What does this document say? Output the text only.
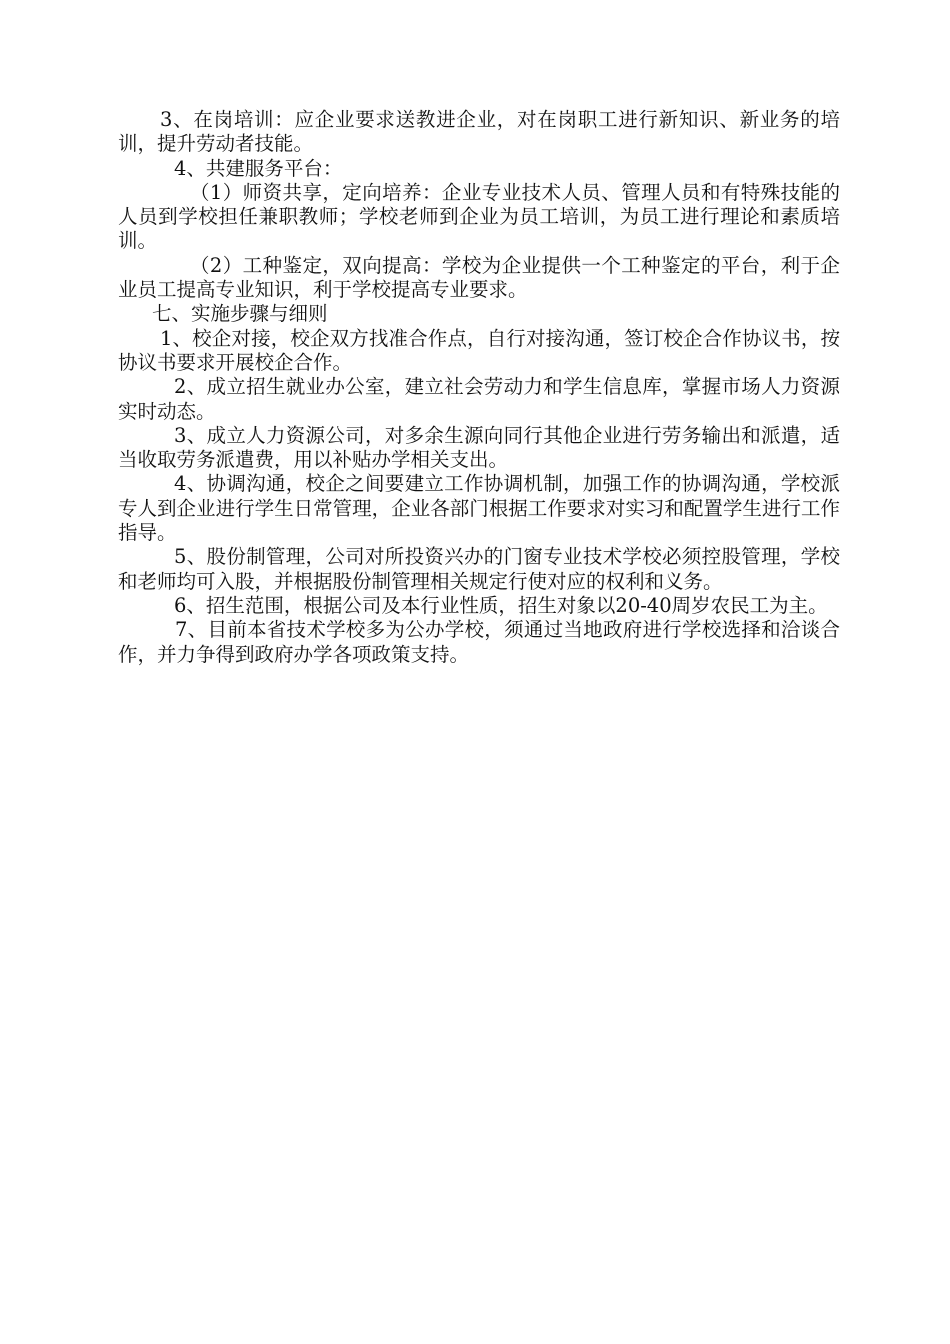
3、在岗培训：应企业要求送教进企业，对在岗职工进行新知识、新业务的培训，提升劳动者技能。

4、共建服务平台：

（1）师资共享，定向培养：企业专业技术人员、管理人员和有特殊技能的人员到学校担任兼职教师；学校老师到企业为员工培训，为员工进行理论和素质培训。

（2）工种鉴定，双向提高：学校为企业提供一个工种鉴定的平台，利于企业员工提高专业知识，利于学校提高专业要求。

七、实施步骤与细则

1、校企对接，校企双方找准合作点，自行对接沟通，签订校企合作协议书，按协议书要求开展校企合作。

2、成立招生就业办公室，建立社会劳动力和学生信息库，掌握市场人力资源实时动态。

3、成立人力资源公司，对多余生源向同行其他企业进行劳务输出和派遣，适当收取劳务派遣费，用以补贴办学相关支出。

4、协调沟通，校企之间要建立工作协调机制，加强工作的协调沟通，学校派专人到企业进行学生日常管理，企业各部门根据工作要求对实习和配置学生进行工作指导。

5、股份制管理，公司对所投资兴办的门窗专业技术学校必须控股管理，学校和老师均可入股，并根据股份制管理相关规定行使对应的权利和义务。

6、招生范围，根据公司及本行业性质，招生对象以20-40周岁农民工为主。

7、目前本省技术学校多为公办学校，须通过当地政府进行学校选择和洽谈合作，并力争得到政府办学各项政策支持。
